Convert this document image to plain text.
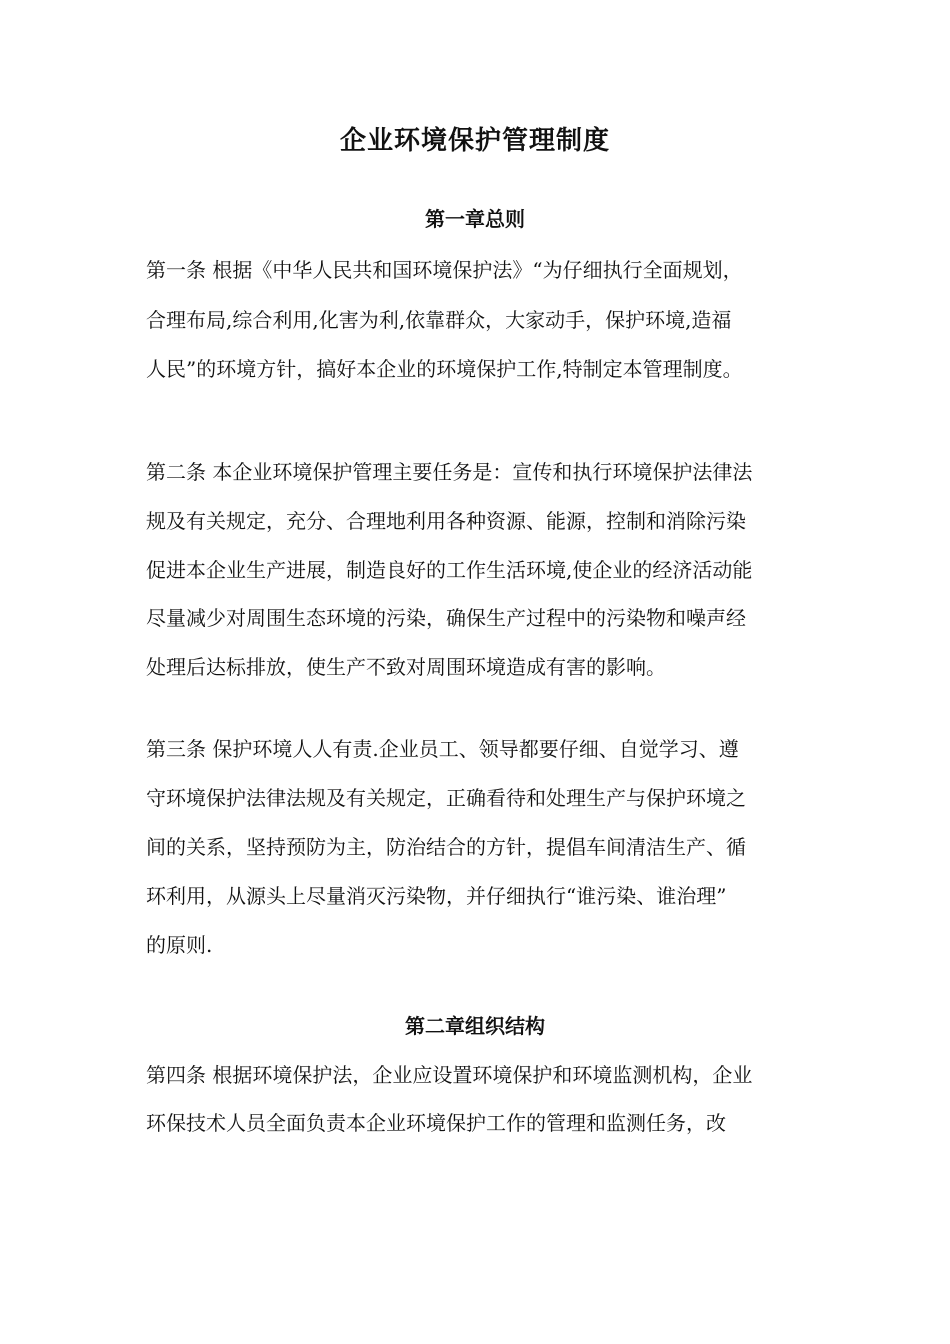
企业环境保护管理制度
第一章总则
第一条 根据《中华人民共和国环境保护法》“为仔细执行全面规划，
合理布局,综合利用,化害为利,依靠群众，大家动手，保护环境,造福
人民”的环境方针，搞好本企业的环境保护工作,特制定本管理制度。
第二条 本企业环境保护管理主要任务是：宣传和执行环境保护法律法
规及有关规定，充分、合理地利用各种资源、能源，控制和消除污染
促进本企业生产进展，制造良好的工作生活环境,使企业的经济活动能
尽量减少对周围生态环境的污染，确保生产过程中的污染物和噪声经
处理后达标排放，使生产不致对周围环境造成有害的影响。
第三条 保护环境人人有责.企业员工、领导都要仔细、自觉学习、遵
守环境保护法律法规及有关规定，正确看待和处理生产与保护环境之
间的关系，坚持预防为主，防治结合的方针，提倡车间清洁生产、循
环利用，从源头上尽量消灭污染物，并仔细执行“谁污染、谁治理”
的原则.
第二章组织结构
第四条 根据环境保护法，企业应设置环境保护和环境监测机构，企业
环保技术人员全面负责本企业环境保护工作的管理和监测任务，改
